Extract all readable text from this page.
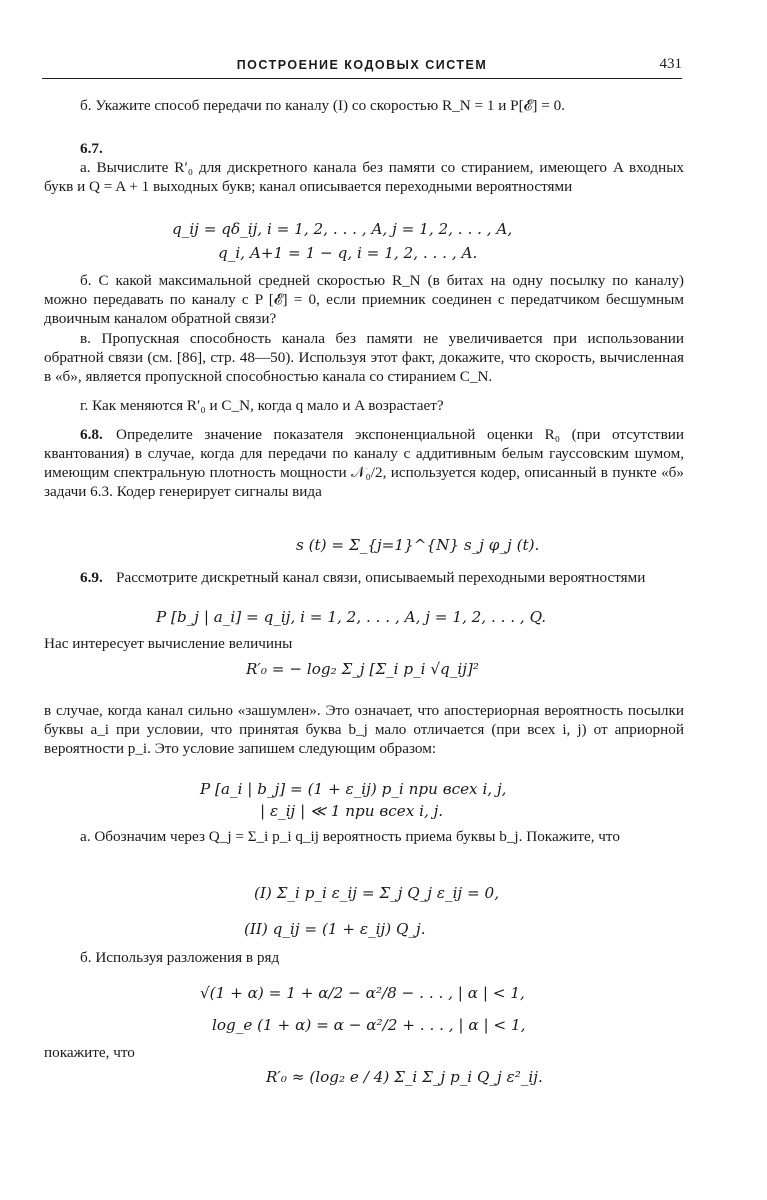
ПОСТРОЕНИЕ КОДОВЫХ СИСТЕМ	431

б. Укажите способ передачи по каналу (I) со скоростью R_N = 1 и P[𝓔] = 0.

6.7.

а. Вычислите R′₀ для дискретного канала без памяти со стиранием, имеющего A входных букв и Q = A + 1 выходных букв; канал описывается переходными вероятностями

q_ij = qδ_ij, i = 1, 2, . . . , A, j = 1, 2, . . . , A,

q_i, A+1 = 1 − q, i = 1, 2, . . . , A.

б. С какой максимальной средней скоростью R_N (в битах на одну посылку по каналу) можно передавать по каналу с P [𝓔] = 0, если приемник соединен с передатчиком бесшумным двоичным каналом обратной связи?

в. Пропускная способность канала без памяти не увеличивается при использовании обратной связи (см. [86], стр. 48—50). Используя этот факт, докажите, что скорость, вычисленная в «б», является пропускной способностью канала со стиранием C_N.

г. Как меняются R′₀ и C_N, когда q мало и A возрастает?

6.8. Определите значение показателя экспоненциальной оценки R₀ (при отсутствии квантования) в случае, когда для передачи по каналу с аддитивным белым гауссовским шумом, имеющим спектральную плотность мощности 𝒩₀/2, используется кодер, описанный в пункте «б» задачи 6.3. Кодер генерирует сигналы вида

s (t) = Σ_{j=1}^{N} s_j φ_j (t).

6.9. Рассмотрите дискретный канал связи, описываемый переходными вероятностями

P [b_j | a_i] = q_ij, i = 1, 2, . . . , A, j = 1, 2, . . . , Q.

Нас интересует вычисление величины

R′₀ = − log₂ Σ_j [Σ_i p_i √q_ij]²

в случае, когда канал сильно «зашумлен». Это означает, что апостериорная вероятность посылки буквы a_i при условии, что принятая буква b_j мало отличается (при всех i, j) от априорной вероятности p_i. Это условие запишем следующим образом:

P [a_i | b_j] = (1 + ε_ij) p_i при всех i, j,

| ε_ij | ≪ 1 при всех i, j.

а. Обозначим через Q_j = Σ_i p_i q_ij вероятность приема буквы b_j. Покажите, что

(I) Σ_i p_i ε_ij = Σ_j Q_j ε_ij = 0,

(II) q_ij = (1 + ε_ij) Q_j.

б. Используя разложения в ряд

√(1 + α) = 1 + α/2 − α²/8 − . . . , | α | < 1,

log_e (1 + α) = α − α²/2 + . . . , | α | < 1,

покажите, что

R′₀ ≈ (log₂ e / 4) Σ_i Σ_j p_i Q_j ε²_ij.
